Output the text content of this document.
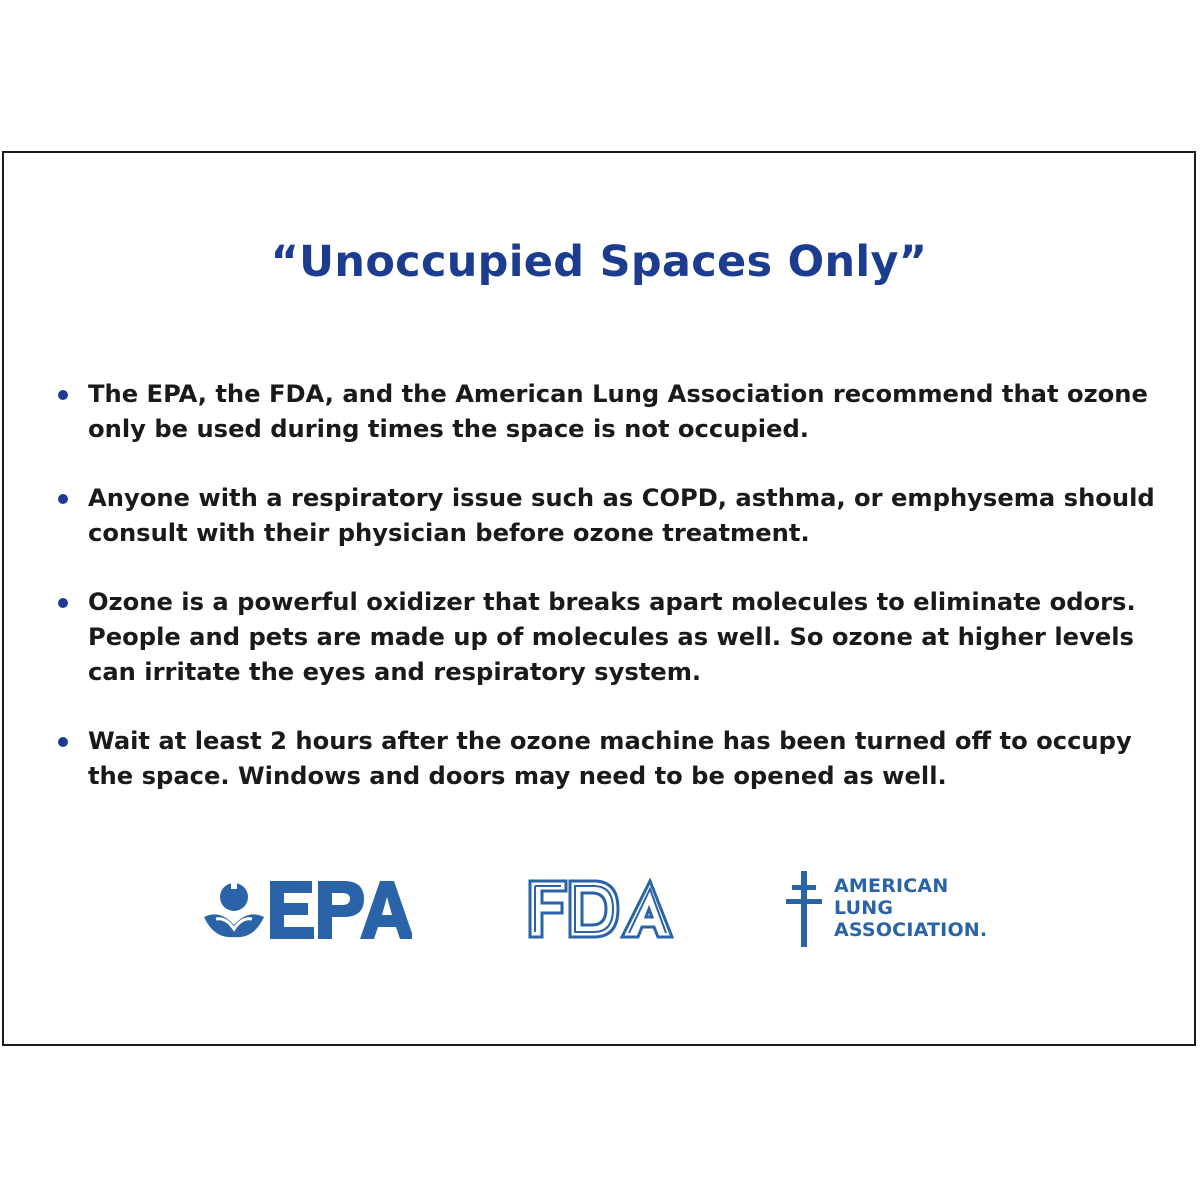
“Unoccupied Spaces Only”
The EPA, the FDA, and the American Lung Association recommend that ozone only be used during times the space is not occupied.
Anyone with a respiratory issue such as COPD, asthma, or emphysema should consult with their physician before ozone treatment.
Ozone is a powerful oxidizer that breaks apart molecules to eliminate odors. People and pets are made up of molecules as well. So ozone at higher levels can irritate the eyes and respiratory system.
Wait at least 2 hours after the ozone machine has been turned off to occupy the space. Windows and doors may need to be opened as well.
AMERICAN
LUNG
ASSOCIATION.
